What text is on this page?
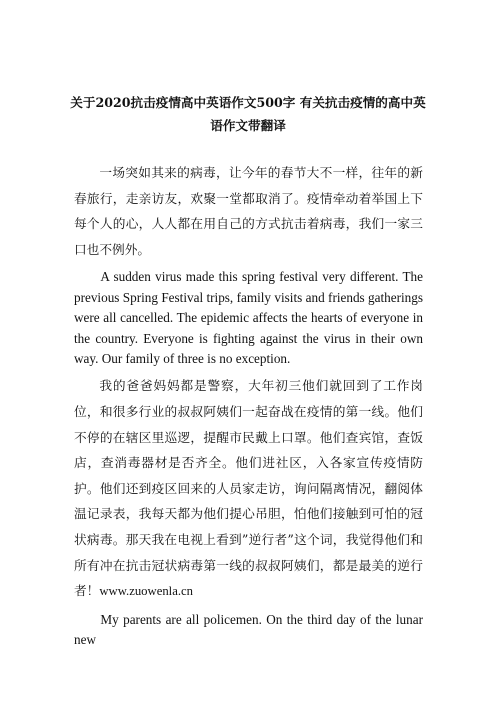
关于2020抗击疫情高中英语作文500字 有关抗击疫情的高中英语作文带翻译

一场突如其来的病毒，让今年的春节大不一样，往年的新春旅行，走亲访友，欢聚一堂都取消了。疫情牵动着举国上下每个人的心，人人都在用自己的方式抗击着病毒，我们一家三口也不例外。

A sudden virus made this spring festival very different. The previous Spring Festival trips, family visits and friends gatherings were all cancelled. The epidemic affects the hearts of everyone in the country. Everyone is fighting against the virus in their own way. Our family of three is no exception.

我的爸爸妈妈都是警察，大年初三他们就回到了工作岗位，和很多行业的叔叔阿姨们一起奋战在疫情的第一线。他们不停的在辖区里巡逻，提醒市民戴上口罩。他们查宾馆，查饭店，查消毒器材是否齐全。他们进社区，入各家宣传疫情防护。他们还到疫区回来的人员家走访，询问隔离情况，翻阅体温记录表，我每天都为他们提心吊胆，怕他们接触到可怕的冠状病毒。那天我在电视上看到”逆行者”这个词，我觉得他们和所有冲在抗击冠状病毒第一线的叔叔阿姨们，都是最美的逆行者！www.zuowenla.cn

My parents are all policemen. On the third day of the lunar new
